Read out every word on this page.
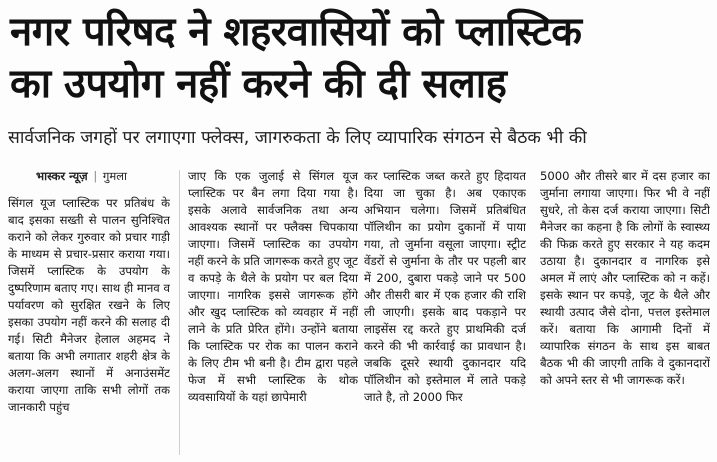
नगर परिषद ने शहरवासियों को प्लास्टिक
का उपयोग नहीं करने की दी सलाह
सार्वजनिक जगहों पर लगाएगा फ्लेक्स, जागरुकता के लिए व्यापारिक संगठन से बैठक भी की
भास्कर न्यूज़ | गुमला

सिंगल यूज प्लास्टिक पर प्रतिबंध के बाद इसका सख्ती से पालन सुनिश्चित कराने को लेकर गुरुवार को प्रचार गाड़ी के माध्यम से प्रचार-प्रसार कराया गया। जिसमें प्लास्टिक के उपयोग के दुष्परिणाम बताए गए। साथ ही मानव व पर्यावरण को सुरक्षित रखने के लिए इसका उपयोग नहीं करने की सलाह दी गई। सिटी मैनेजर हेलाल अहमद ने बताया कि अभी लगातार शहरी क्षेत्र के अलग-अलग स्थानों में अनाउंसमेंट कराया जाएगा ताकि सभी लोगों तक जानकारी पहुंच

जाए कि एक जुलाई से सिंगल यूज प्लास्टिक पर बैन लगा दिया गया है। इसके अलावे सार्वजनिक तथा अन्य आवश्यक स्थानों पर फ्लैक्स चिपकाया जाएगा। जिसमें प्लास्टिक का उपयोग नहीं करने के प्रति जागरूक करते हुए जूट व कपड़े के थैले के प्रयोग पर बल दिया जाएगा। नागरिक इससे जागरूक होंगे और खुद प्लास्टिक को व्यवहार में नहीं लाने के प्रति प्रेरित होंगे। उन्होंने बताया कि प्लास्टिक पर रोक का पालन कराने के लिए टीम भी बनी है। टीम द्वारा पहले फेज में सभी प्लास्टिक के थोक व्यवसायियों के यहां छापेमारी

कर प्लास्टिक जब्त करते हुए हिदायत दिया जा चुका है। अब एकाएक अभियान चलेगा। जिसमें प्रतिबंधित पॉलिथीन का प्रयोग दुकानों में पाया गया, तो जुर्माना वसूला जाएगा। स्ट्रीट वेंडरों से जुर्माना के तौर पर पहली बार में 200, दुबारा पकड़े जाने पर 500 और तीसरी बार में एक हजार की राशि ली जाएगी। इसके बाद पकड़ाने पर लाइसेंस रद्द करते हुए प्राथमिकी दर्ज करने की भी कार्रवाई का प्रावधान है। जबकि दूसरे स्थायी दुकानदार यदि पॉलिथीन को इस्तेमाल में लाते पकड़े जाते है, तो 2000 फिर

5000 और तीसरे बार में दस हजार का जुर्माना लगाया जाएगा। फिर भी वे नहीं सुधरे, तो केस दर्ज कराया जाएगा। सिटी मैनेजर का कहना है कि लोगों के स्वास्थ्य की फिक्र करते हुए सरकार ने यह कदम उठाया है। दुकानदार व नागरिक इसे अमल में लाएं और प्लास्टिक को न कहें। इसके स्थान पर कपड़े, जूट के थैले और स्थायी उत्पाद जैसे दोना, पत्तल इस्तेमाल करें। बताया कि आगामी दिनों में व्यापारिक संगठन के साथ इस बाबत बैठक भी की जाएगी ताकि वे दुकानदारों को अपने स्तर से भी जागरूक करें।
